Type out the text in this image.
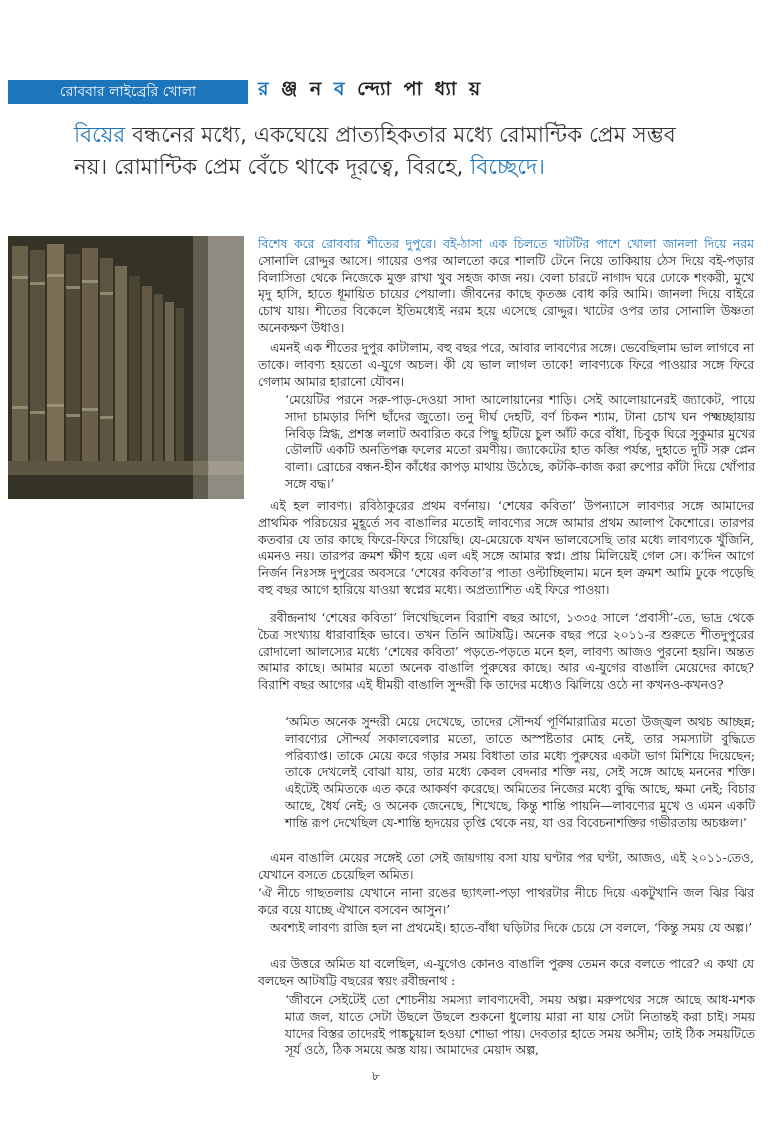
রোববার লাইব্রেরি খোলা	র ঞ্জ ন ব ন্দ্যো পা ধ্যা য়
বিয়ের বন্ধনের মধ্যে, একঘেয়ে প্রাত্যহিকতার মধ্যে রোমান্টিক প্রেম সম্ভব নয়। রোমান্টিক প্রেম বেঁচে থাকে দূরত্বে, বিরহে, বিচ্ছেদে।

বিশেষ করে রোববার শীতের দুপুরে। বই-ঠাসা এক চিলতে খাটটির পাশে খোলা জানলা দিয়ে নরম সোনালি রোদ্দুর আসে। গায়ের ওপর আলতো করে শালটি টেনে নিয়ে তাকিয়ায় ঠেস দিয়ে বই-পড়ার বিলাসিতা থেকে নিজেকে মুক্ত রাখা খুব সহজ কাজ নয়। বেলা চারটে নাগাদ ঘরে ঢোকে শংকরী, মুখে মৃদু হাসি, হাতে ধূমায়িত চায়ের পেয়ালা। জীবনের কাছে কৃতজ্ঞ বোধ করি আমি। জানলা দিয়ে বাইরে চোখ যায়। শীতের বিকেলে ইতিমধ্যেই নরম হয়ে এসেছে রোদ্দুর। খাটের ওপর তার সোনালি উষ্ণতা অনেকক্ষণ উধাও।

এমনই এক শীতের দুপুর কাটালাম, বহু বছর পরে, আবার লাবণ্যের সঙ্গে। ভেবেছিলাম ভাল লাগবে না তাকে। লাবণ্য হয়তো এ-যুগে অচল। কী যে ভাল লাগল তাকে! লাবণ্যকে ফিরে পাওয়ার সঙ্গে ফিরে গেলাম আমার হারানো যৌবন।

‘মেয়েটির পরনে সরু-পাড়-দেওয়া সাদা আলোয়ানের শাড়ি। সেই আলোয়ানেরই জ্যাকেট, পায়ে সাদা চামড়ার দিশি ছাঁদের জুতো। তনু দীর্ঘ দেহটি, বর্ণ চিকন শ্যাম, টানা চোখ ঘন পক্ষ্মচ্ছায়ায় নিবিড় স্নিগ্ধ, প্রশস্ত ললাট অবারিত করে পিছু হটিয়ে চুল আঁট করে বাঁধা, চিবুক ঘিরে সুকুমার মুখের ডৌলটি একটি অনতিপক্ক ফলের মতো রমণীয়। জ্যাকেটের হাত কব্জি পর্যন্ত, দুহাতে দুটি সরু প্লেন বালা। ব্রোচের বন্ধন-হীন কাঁধের কাপড় মাথায় উঠেছে, কটকি-কাজ করা রুপোর কাঁটা দিয়ে খোঁপার সঙ্গে বদ্ধ।’

এই হল লাবণ্য। রবিঠাকুরের প্রথম বর্ণনায়। ‘শেষের কবিতা’ উপন্যাসে লাবণ্যর সঙ্গে আমাদের প্রাথমিক পরিচয়ের মুহূর্তে সব বাঙালির মতোই লাবণ্যের সঙ্গে আমার প্রথম আলাপ কৈশোরে। তারপর কতবার যে তার কাছে ফিরে-ফিরে গিয়েছি। যে-মেয়েকে যখন ভালবেসেছি তার মধ্যে লাবণ্যকে খুঁজিনি, এমনও নয়। তারপর ক্রমশ ক্ষীণ হয়ে এল এই সঙ্গে আমার স্বপ্ন। প্রায় মিলিয়েই গেল সে। ক’দিন আগে নির্জন নিঃসঙ্গ দুপুরের অবসরে ‘শেষের কবিতা’র পাতা ওল্টাচ্ছিলাম। মনে হল ক্রমশ আমি ঢুকে পড়েছি বহু বছর আগে হারিয়ে যাওয়া স্বপ্নের মধ্যে। অপ্রত্যাশিত এই ফিরে পাওয়া।

রবীন্দ্রনাথ ‘শেষের কবিতা’ লিখেছিলেন বিরাশি বছর আগে, ১৩৩৫ সালে ‘প্রবাসী’-তে, ভাদ্র থেকে চৈত্র সংখ্যায় ধারাবাহিক ভাবে। তখন তিনি আটষট্টি। অনেক বছর পরে ২০১১-র শুরুতে শীতদুপুরের রোদালো আলস্যের মধ্যে ‘শেষের কবিতা’ পড়তে-পড়তে মনে হল, লাবণ্য আজও পুরনো হয়নি। অন্তত আমার কাছে। আমার মতো অনেক বাঙালি পুরুষের কাছে। আর এ-যুগের বাঙালি মেয়েদের কাছে? বিরাশি বছর আগের এই ধীময়ী বাঙালি সুন্দরী কি তাদের মধ্যেও ঝিলিয়ে ওঠে না কখনও-কখনও?

‘অমিত অনেক সুন্দরী মেয়ে দেখেছে, তাদের সৌন্দর্য পূর্ণিমারাত্রির মতো উজ্জ্বল অথচ আচ্ছন্ন; লাবণ্যের সৌন্দর্য সকালবেলার মতো, তাতে অস্পষ্টতার মোহ নেই, তার সমস্যাটা বুদ্ধিতে পরিব্যাপ্ত। তাকে মেয়ে করে গড়ার সময় বিধাতা তার মধ্যে পুরুষের একটা ভাগ মিশিয়ে দিয়েছেন; তাকে দেখলেই বোঝা যায়, তার মধ্যে কেবল বেদনার শক্তি নয়, সেই সঙ্গে আছে মননের শক্তি। এইটেই অমিতকে এত করে আকর্ষণ করেছে। অমিতের নিজের মধ্যে বুদ্ধি আছে, ক্ষমা নেই; বিচার আছে, ধৈর্য নেই; ও অনেক জেনেছে, শিখেছে, কিন্তু শান্তি পায়নি—লাবণ্যের মুখে ও এমন একটি শান্তি রূপ দেখেছিল যে-শান্তি হৃদয়ের তৃপ্তি থেকে নয়, যা ওর বিবেচনাশক্তির গভীরতায় অচঞ্চল।’

এমন বাঙালি মেয়ের সঙ্গেই তো সেই জায়গায় বসা যায় ঘণ্টার পর ঘণ্টা, আজও, এই ২০১১-তেও, যেখানে বসতে চেয়েছিল অমিত।

‘ঐ নীচে গাছতলায় যেখানে নানা রঙের ছ্যাৎলা-পড়া পাথরটার নীচে দিয়ে একটুখানি জল ঝির ঝির করে বয়ে যাচ্ছে ঐখানে বসবেন আসুন।’

অবশ্যই লাবণ্য রাজি হল না প্রথমেই। হাতে-বাঁধা ঘড়িটার দিকে চেয়ে সে বললে, ‘কিন্তু সময় যে অল্প।’

এর উত্তরে অমিত যা বলেছিল, এ-যুগেও কোনও বাঙালি পুরুষ তেমন করে বলতে পারে? এ কথা যে বলছেন আটষট্টি বছরের স্বয়ং রবীন্দ্রনাথ :

‘জীবনে সেইটেই তো শোচনীয় সমস্যা লাবণ্যদেবী, সময় অল্প। মরুপথের সঙ্গে আছে আধ-মশক মাত্র জল, যাতে সেটা উছলে উছলে শুকনো ধুলোয় মারা না যায় সেটা নিতান্তই করা চাই। সময় যাদের বিস্তর তাদেরই পাঙ্কচুয়াল হওয়া শোভা পায়। দেবতার হাতে সময় অসীম; তাই ঠিক সময়টিতে সূর্য ওঠে, ঠিক সময়ে অস্ত যায়। আমাদের মেয়াদ অল্প,

৮
